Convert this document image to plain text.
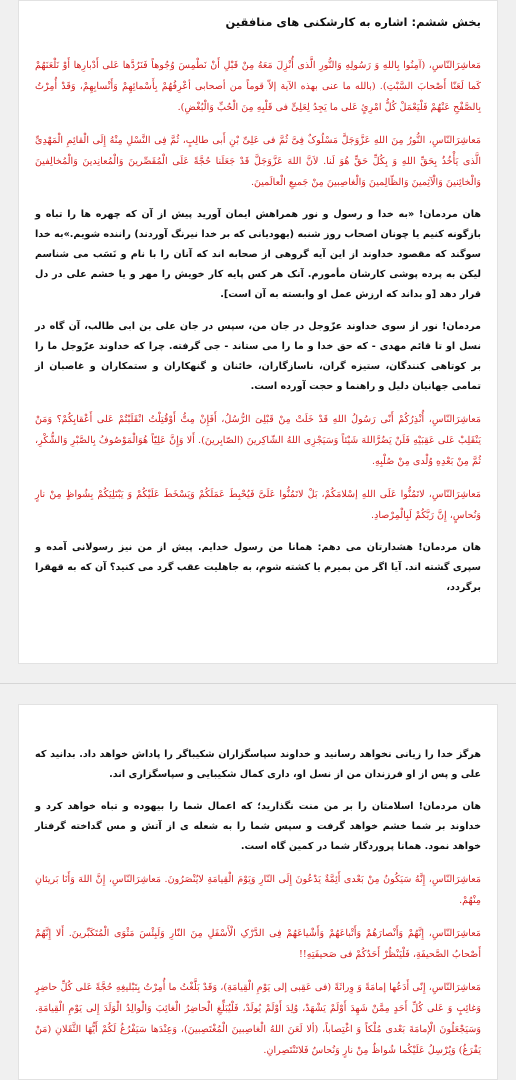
بخش ششم: اشاره به کارشکنی های منافقین

مَعاشِرَالنّاسِ، (آمِنُوا بِاللهِ وَ رَسُولِهِ وَالنُّورِ الَّذی أُنْزِلَ مَعَهُ مِنْ قَبْلِ أَنْ نَطْمِسَ وُجُوهاً فَنَرُدَّها عَلی أَدْبارِها أَوْ نَلْعَنَهُمْ کَما لَعَنّا أَصْحابَ السَّبْتِ). (بالله ما عنی بهذه الآیة إلاّ قوماً من أصحابی أعْرِفُهُمْ بِأَسْمائِهِمْ وَأَنْسابِهِمْ، وَقَدْ أُمِرْتُ بِالصَّفْحِ عَنْهُمْ فَلْیَعْمَلْ کُلُّ امْرِئٍ عَلی ما یَجِدُ لِعَلِیٍّ فی قَلْبِهِ مِنَ الْحُبِّ وَالْبُغْضِ).

مَعاشِرَالنّاسِ، النُّورُ مِنَ اللهِ عَزَّوَجَلَّ مَسْلُوکٌ فِیَّ ثُمَّ فی عَلِیِّ بْنِ أَبی طالِبٍ، ثُمَّ فِی النَّسْلِ مِنْهُ إِلَی الْقائِمِ الْمَهْدِیِّ الَّذی یَأْخُذُ بِحَقِّ اللهِ وَ بِکُلِّ حَقٍّ هُوَ لَنا. لاَنَّ اللهَ عَزَّوَجَلَّ قَدْ جَعَلَنا حُجَّةً عَلَی الْمُقَصِّرینَ وَالْمُعانِدینَ وَالْمُخالِفینَ وَالْخائِنینَ وَالْآثِمینَ وَالظّالِمینَ وَالْغاصِبینَ مِنْ جَمیعِ الْعالَمینَ.

هان مردمان! «به خدا و رسول و نور همراهش ایمان آورید پیش از آن که چهره ها را تباه و بازگونه کنیم یا چونان اصحاب روز شنبه (یهودیانی که بر خدا نیرنگ آوردند) راننده شویم.»به خدا سوگند که مقصود خداوند از این آیه گروهی از صحابه اند که آنان را با نام و نَسَب می شناسم لیکن به پرده پوشی کارشان مأمورم. آنک هر کس پایه کار خویش را مهر و یا خشم علی در دل قرار دهد [و بداند که ارزش عمل او وابسته به آن است].

مردمان! نور از سوی خداوند عزّوجل در جان من، سپس در جان علی بن ابی طالب، آن گاه در نسل او تا قائم مهدی - که حق خدا و ما را می ستاند - جی گرفته. چرا که خداوند عزّوجل ما را بر کوتاهی کنندگان، ستیزه گران، ناسازگاران، خائنان و گنهکاران و ستمکاران و غاصبان از تمامی جهانیان دلیل و راهنما و حجت آورده است.

مَعاشِرَالنّاسِ، أُنْذِرُکُمْ أَنّی رَسُولُ اللهِ قَدْ خَلَتْ مِنْ قَبْلِیَ الرُّسُلُ، أَفَإِنْ مِتُّ أَوْقُتِلْتُ انْقَلَبْتُمْ عَلی أَعْقابِکُمْ؟ وَمَنْ یَنْقَلِبْ عَلی عَقِبَیْهِ فَلَنْ یَضُرَّاللهَ شَیْئاً وَسَیَجْزِی اللهُ الشّاکِرینَ (الصّابِرینَ). أَلا وَإِنَّ عَلِیّاً هُوَالْمَوْصُوفُ بِالصَّبْرِ وَالشُّکْرِ، ثُمَّ مِنْ بَعْدِهِ وُلْدی مِنْ صُلْبِهِ.

مَعاشِرَالنّاسِ، لاتَمُنُّوا عَلَی اللهِ إسْلامَکُمْ، بَلْ لاتَمُنُّوا عَلَیَّ فَیُحْبِطَ عَمَلَکُمْ وَیَسْخَطَ عَلَیْکُمْ وَ یَبْتَلِیَکُمْ بِشُواظٍ مِنْ نارٍ وَنُحاسٍ، إِنَّ رَبَّکُمْ لَبِالْمِرْصادِ.

هان مردمان! هشدارتان می دهم: همانا من رسول خدایم. پیش از من نیز رسولانی آمده و سپری گشته اند. آیا اگر من بمیرم یا کشته شوم، به جاهلیت عقب گرد می کنید؟ آن که به قهقرا برگردد،

هرگز خدا را زیانی نخواهد رسانید و خداوند سپاسگزاران شکیباگر را پاداش خواهد داد. بدانید که علی و پس از او فرزندان من از نسل او، داری کمال شکیبایی و سپاسگزاری اند.

هان مردمان! اسلامتان را بر من منت نگذارید؛ که اعمال شما را بیهوده و تباه خواهد کرد و خداوند بر شما خشم خواهد گرفت و سپس شما را به شعله ی از آتش و مس گداخته گرفتار خواهد نمود. همانا پروردگار شما در کمین گاه است.

مَعاشِرَالنّاسِ، إِنَّهُ سَیَکُونُ مِنْ بَعْدی أَئِمَّةٌ یَدْعُونَ إِلَی النّارِ وَیَوْمَ الْقِیامَةِ لایُنْصَرُونَ. مَعاشِرَالنّاسِ، إِنَّ اللهَ وَأَنَا بَریئانِ مِنْهُمْ.

مَعاشِرَالنّاسِ، إِنَّهُمْ وَأَنْصارَهُمْ وَأَتْباعَهُمْ وَأَشْیاعَهُمْ فِی الدَّرْکِ الْأَسْفَلِ مِنَ النّارِ وَلَبِئْسَ مَثْوَی الْمُتَکَبِّرینَ. أَلا إِنَّهُمْ أَصْحابُ الصَّحیفَةِ، فَلْیَنْظُرْ أَحَدُکُمْ فی صَحیفَتِهِ!!

مَعاشِرَالنّاسِ، إِنّی أَدَعُها إمامَةً وَ وِراثَةً (فی عَقِبی إلی یَوْمِ الْقِیامَةِ)، وَقَدْ بَلَّغْتُ ما أُمِرْتُ بِتَبْلیغِهِ حُجَّةً عَلی کُلِّ حاضِرٍ وَغائِبٍ وَ عَلی کُلِّ أَحَدٍ مِمَّنْ شَهِدَ أَوْلَمْ یَشْهَدْ، وُلِدَ أَوْلَمْ یُولَدْ، فَلْیُبَلِّغِ الْحاضِرُ الْغائِبَ وَالْوالِدُ الْوَلَدَ إِلی یَوْمِ الْقِیامَةِ. وَسَیَجْعَلُونَ الْإمامَةَ بَعْدی مُلْکاً وَ اغْتِصاباً، (ألا لَعَنَ اللهُ الْغاصِبینَ الْمُغْتَصِبینَ)، وَعِنْدَها سَیَفْرُغُ لَکُمْ أَیُّهَا الثَّقَلانِ (مَنْ یَفْرَغُ) وَیُرْسِلُ عَلَیْکُما شُواظٌ مِنْ نارٍ وَنُحاسٌ فَلاتَنْتَصِرانِ.
